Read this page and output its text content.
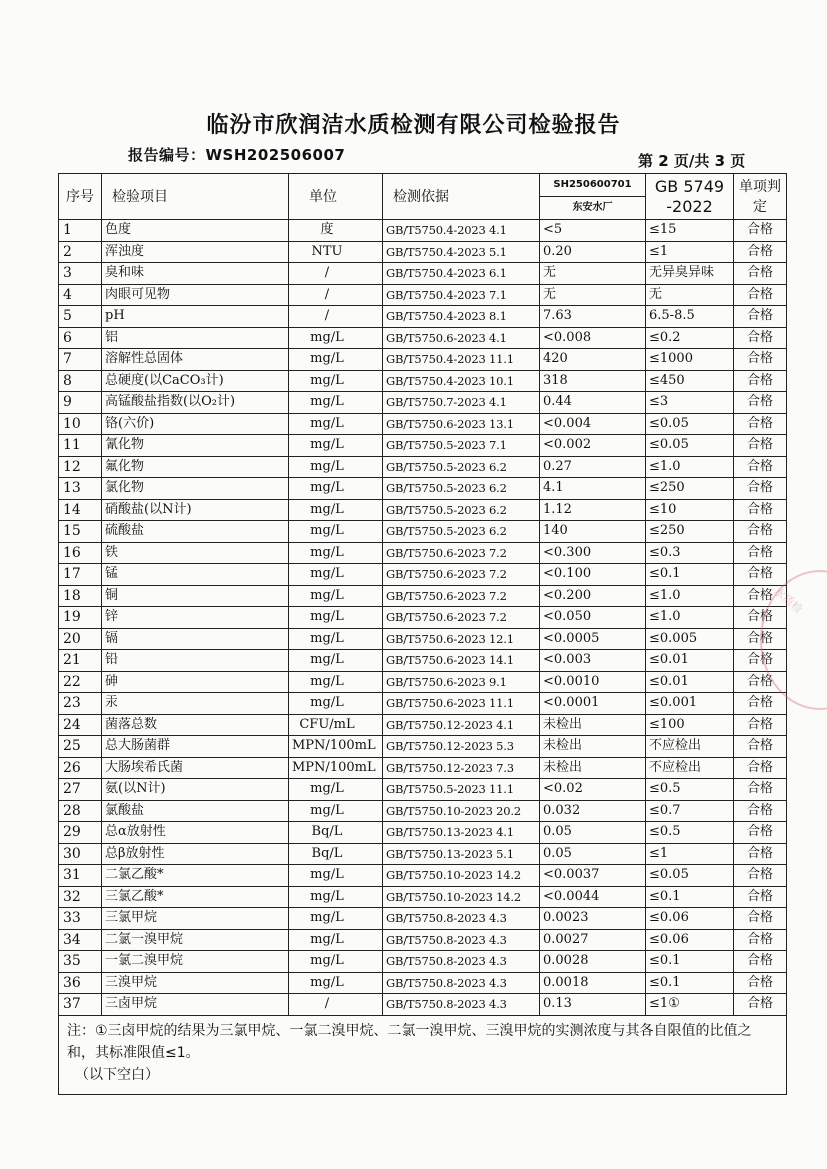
临汾市欣润洁水质检测有限公司检验报告
报告编号：WSH202506007	第 2 页/共 3 页
序号	检验项目	单位	检测依据	SH250600701	GB 5749
-2022	单项判定
				东安水厂		
1	色度	度	GB/T5750.4-2023 4.1	<5	≤15	合格
2	浑浊度	NTU	GB/T5750.4-2023 5.1	0.20	≤1	合格
3	臭和味	/	GB/T5750.4-2023 6.1	无	无异臭异味	合格
4	肉眼可见物	/	GB/T5750.4-2023 7.1	无	无	合格
5	pH	/	GB/T5750.4-2023 8.1	7.63	6.5-8.5	合格
6	铝	mg/L	GB/T5750.6-2023 4.1	<0.008	≤0.2	合格
7	溶解性总固体	mg/L	GB/T5750.4-2023 11.1	420	≤1000	合格
8	总硬度(以CaCO₃计)	mg/L	GB/T5750.4-2023 10.1	318	≤450	合格
9	高锰酸盐指数(以O₂计)	mg/L	GB/T5750.7-2023 4.1	0.44	≤3	合格
10	铬(六价)	mg/L	GB/T5750.6-2023 13.1	<0.004	≤0.05	合格
11	氰化物	mg/L	GB/T5750.5-2023 7.1	<0.002	≤0.05	合格
12	氟化物	mg/L	GB/T5750.5-2023 6.2	0.27	≤1.0	合格
13	氯化物	mg/L	GB/T5750.5-2023 6.2	4.1	≤250	合格
14	硝酸盐(以N计)	mg/L	GB/T5750.5-2023 6.2	1.12	≤10	合格
15	硫酸盐	mg/L	GB/T5750.5-2023 6.2	140	≤250	合格
16	铁	mg/L	GB/T5750.6-2023 7.2	<0.300	≤0.3	合格
17	锰	mg/L	GB/T5750.6-2023 7.2	<0.100	≤0.1	合格
18	铜	mg/L	GB/T5750.6-2023 7.2	<0.200	≤1.0	合格
19	锌	mg/L	GB/T5750.6-2023 7.2	<0.050	≤1.0	合格
20	镉	mg/L	GB/T5750.6-2023 12.1	<0.0005	≤0.005	合格
21	铅	mg/L	GB/T5750.6-2023 14.1	<0.003	≤0.01	合格
22	砷	mg/L	GB/T5750.6-2023 9.1	<0.0010	≤0.01	合格
23	汞	mg/L	GB/T5750.6-2023 11.1	<0.0001	≤0.001	合格
24	菌落总数	CFU/mL	GB/T5750.12-2023 4.1	未检出	≤100	合格
25	总大肠菌群	MPN/100mL	GB/T5750.12-2023 5.3	未检出	不应检出	合格
26	大肠埃希氏菌	MPN/100mL	GB/T5750.12-2023 7.3	未检出	不应检出	合格
27	氨(以N计)	mg/L	GB/T5750.5-2023 11.1	<0.02	≤0.5	合格
28	氯酸盐	mg/L	GB/T5750.10-2023 20.2	0.032	≤0.7	合格
29	总α放射性	Bq/L	GB/T5750.13-2023 4.1	0.05	≤0.5	合格
30	总β放射性	Bq/L	GB/T5750.13-2023 5.1	0.05	≤1	合格
31	二氯乙酸*	mg/L	GB/T5750.10-2023 14.2	<0.0037	≤0.05	合格
32	三氯乙酸*	mg/L	GB/T5750.10-2023 14.2	<0.0044	≤0.1	合格
33	三氯甲烷	mg/L	GB/T5750.8-2023 4.3	0.0023	≤0.06	合格
34	二氯一溴甲烷	mg/L	GB/T5750.8-2023 4.3	0.0027	≤0.06	合格
35	一氯二溴甲烷	mg/L	GB/T5750.8-2023 4.3	0.0028	≤0.1	合格
36	三溴甲烷	mg/L	GB/T5750.8-2023 4.3	0.0018	≤0.1	合格
37	三卤甲烷	/	GB/T5750.8-2023 4.3	0.13	≤1①	合格

注：①三卤甲烷的结果为三氯甲烷、一氯二溴甲烷、二氯一溴甲烷、三溴甲烷的实测浓度与其各自限值的比值之和，其标准限值≤1。
（以下空白）						
水质检
